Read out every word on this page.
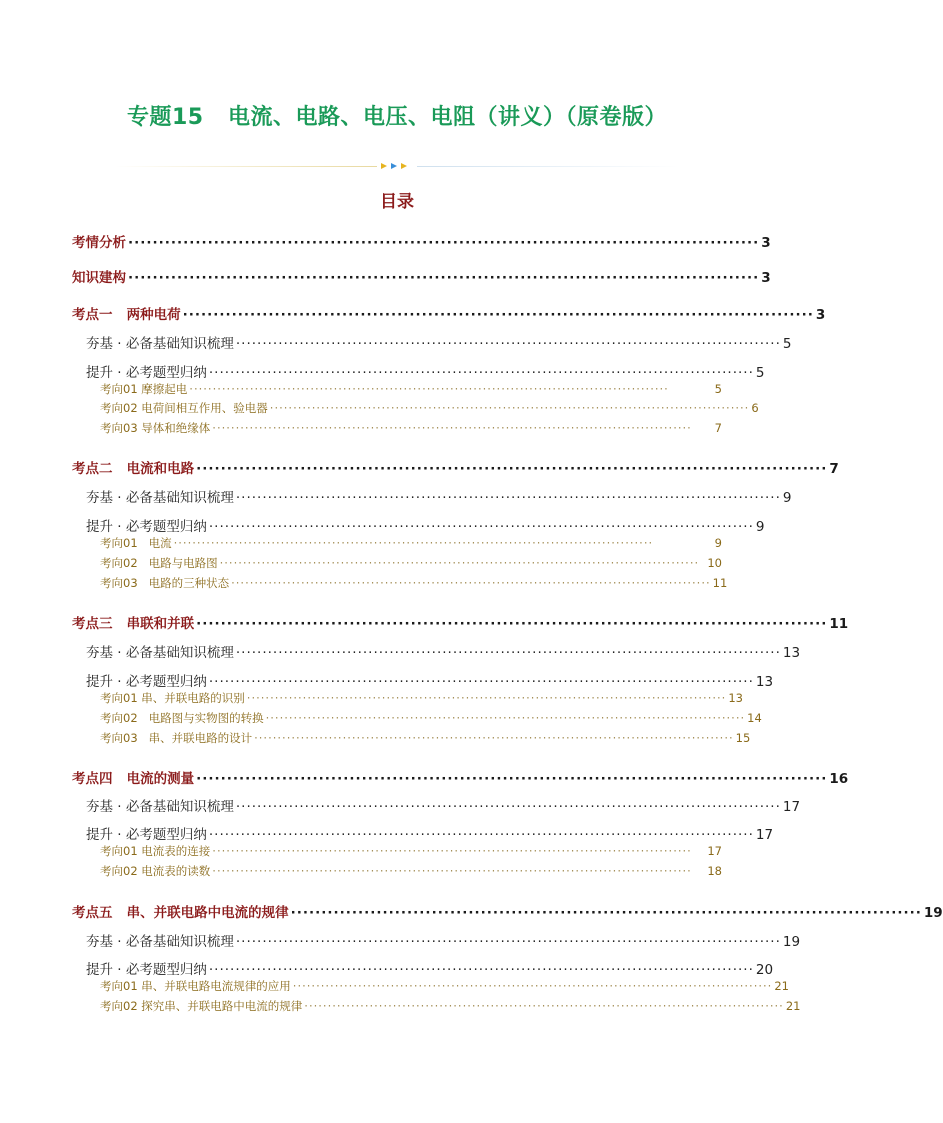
专题15   电流、电路、电压、电阻（讲义）（原卷版）
目录
考情分析 ······································································································· 3
知识建构 ······································································································· 3
考点一   两种电荷 ······································································································· 3
夯基 · 必备基础知识梳理 ······································································································· 5
提升 · 必考题型归纳 ······································································································· 5
考向01 摩擦起电 ·······································································································	5
考向02 电荷间相互作用、验电器 ······································································································· 6
考向03 导体和绝缘体 ·······································································································	7
考点二   电流和电路 ······································································································· 7
夯基 · 必备基础知识梳理 ······································································································· 9
提升 · 必考题型归纳 ······································································································· 9
考向01   电流 ·······································································································	9
考向02   电路与电路图 ······································································································· 10
考向03   电路的三种状态 ······································································································· 11
考点三   串联和并联 ······································································································· 11
夯基 · 必备基础知识梳理 ······································································································· 13
提升 · 必考题型归纳 ······································································································· 13
考向01 串、并联电路的识别 ······································································································· 13
考向02   电路图与实物图的转换 ······································································································· 14
考向03   串、并联电路的设计 ······································································································· 15
考点四   电流的测量 ······································································································· 16
夯基 · 必备基础知识梳理 ······································································································· 17
提升 · 必考题型归纳 ······································································································· 17
考向01 电流表的连接 ·······································································································	17
考向02 电流表的读数 ·······································································································	18
考点五   串、并联电路中电流的规律 ······································································································· 19
夯基 · 必备基础知识梳理 ······································································································· 19
提升 · 必考题型归纳 ······································································································· 20
考向01 串、并联电路电流规律的应用 ······································································································· 21
考向02 探究串、并联电路中电流的规律 ······································································································· 21
